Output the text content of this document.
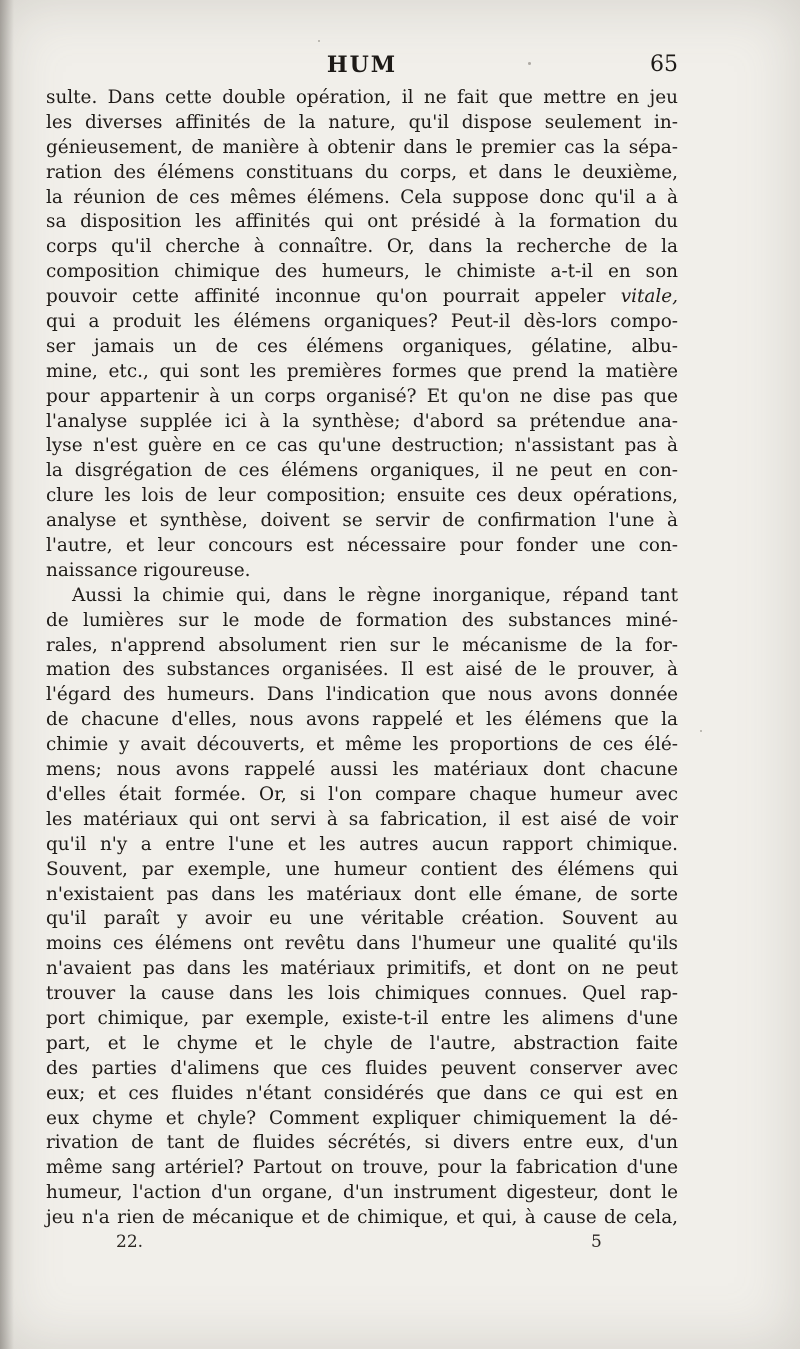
HUM	65
sulte. Dans cette double opération, il ne fait que mettre en jeu
les diverses affinités de la nature, qu'il dispose seulement in-
génieusement, de manière à obtenir dans le premier cas la sépa-
ration des élémens constituans du corps, et dans le deuxième,
la réunion de ces mêmes élémens. Cela suppose donc qu'il a à
sa disposition les affinités qui ont présidé à la formation du
corps qu'il cherche à connaître. Or, dans la recherche de la
composition chimique des humeurs, le chimiste a-t-il en son
pouvoir cette affinité inconnue qu'on pourrait appeler vitale,
qui a produit les élémens organiques? Peut-il dès-lors compo-
ser jamais un de ces élémens organiques, gélatine, albu-
mine, etc., qui sont les premières formes que prend la matière
pour appartenir à un corps organisé? Et qu'on ne dise pas que
l'analyse supplée ici à la synthèse; d'abord sa prétendue ana-
lyse n'est guère en ce cas qu'une destruction; n'assistant pas à
la disgrégation de ces élémens organiques, il ne peut en con-
clure les lois de leur composition; ensuite ces deux opérations,
analyse et synthèse, doivent se servir de confirmation l'une à
l'autre, et leur concours est nécessaire pour fonder une con-
naissance rigoureuse.
Aussi la chimie qui, dans le règne inorganique, répand tant
de lumières sur le mode de formation des substances miné-
rales, n'apprend absolument rien sur le mécanisme de la for-
mation des substances organisées. Il est aisé de le prouver, à
l'égard des humeurs. Dans l'indication que nous avons donnée
de chacune d'elles, nous avons rappelé et les élémens que la
chimie y avait découverts, et même les proportions de ces élé-
mens; nous avons rappelé aussi les matériaux dont chacune
d'elles était formée. Or, si l'on compare chaque humeur avec
les matériaux qui ont servi à sa fabrication, il est aisé de voir
qu'il n'y a entre l'une et les autres aucun rapport chimique.
Souvent, par exemple, une humeur contient des élémens qui
n'existaient pas dans les matériaux dont elle émane, de sorte
qu'il paraît y avoir eu une véritable création. Souvent au
moins ces élémens ont revêtu dans l'humeur une qualité qu'ils
n'avaient pas dans les matériaux primitifs, et dont on ne peut
trouver la cause dans les lois chimiques connues. Quel rap-
port chimique, par exemple, existe-t-il entre les alimens d'une
part, et le chyme et le chyle de l'autre, abstraction faite
des parties d'alimens que ces fluides peuvent conserver avec
eux; et ces fluides n'étant considérés que dans ce qui est en
eux chyme et chyle? Comment expliquer chimiquement la dé-
rivation de tant de fluides sécrétés, si divers entre eux, d'un
même sang artériel? Partout on trouve, pour la fabrication d'une
humeur, l'action d'un organe, d'un instrument digesteur, dont le
jeu n'a rien de mécanique et de chimique, et qui, à cause de cela,
22.	5
